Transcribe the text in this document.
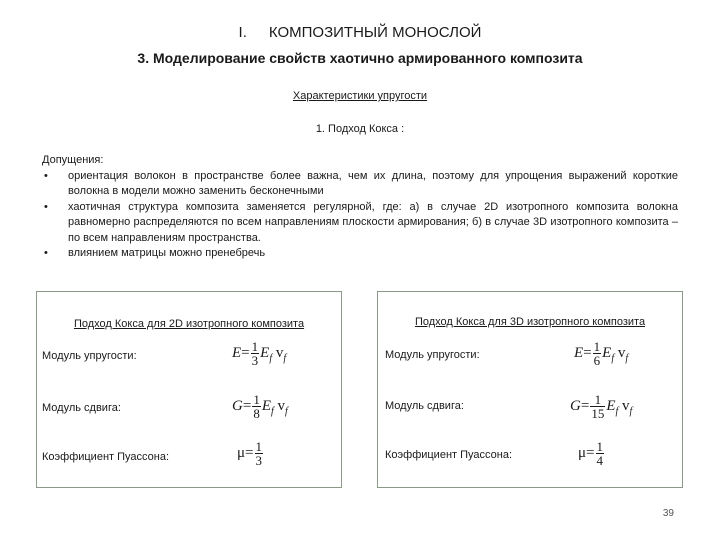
I. КОМПОЗИТНЫЙ МОНОСЛОЙ
3. Моделирование свойств хаотично армированного композита
Характеристики упругости
1. Подход Кокса :
Допущения:
• ориентация волокон в пространстве более важна, чем их длина, поэтому для упрощения выражений короткие волокна в модели можно заменить бесконечными
• хаотичная структура композита заменяется регулярной, где: а) в случае 2D изотропного композита волокна равномерно распределяются по всем направлениям плоскости армирования; б) в случае 3D изотропного композита – по всем направлениям пространства.
• влиянием матрицы можно пренебречь
Подход Кокса для 2D изотропного композита
Модуль упругости:	$E= \frac{1}{3} E_f$ $v_f$
Модуль сдвига:	$G= \frac{1}{8} E_f$ $v_f$
Коэффициент Пуассона:	$\mu= \frac{1}{3}$
Подход Кокса для 3D изотропного композита
Модуль упругости:	$E= \frac{1}{6} E_f$ $v_f$
Модуль сдвига:	$G= \frac{1}{15} E_f$ $v_f$
Коэффициент Пуассона:	$\mu= \frac{1}{4}$
39
